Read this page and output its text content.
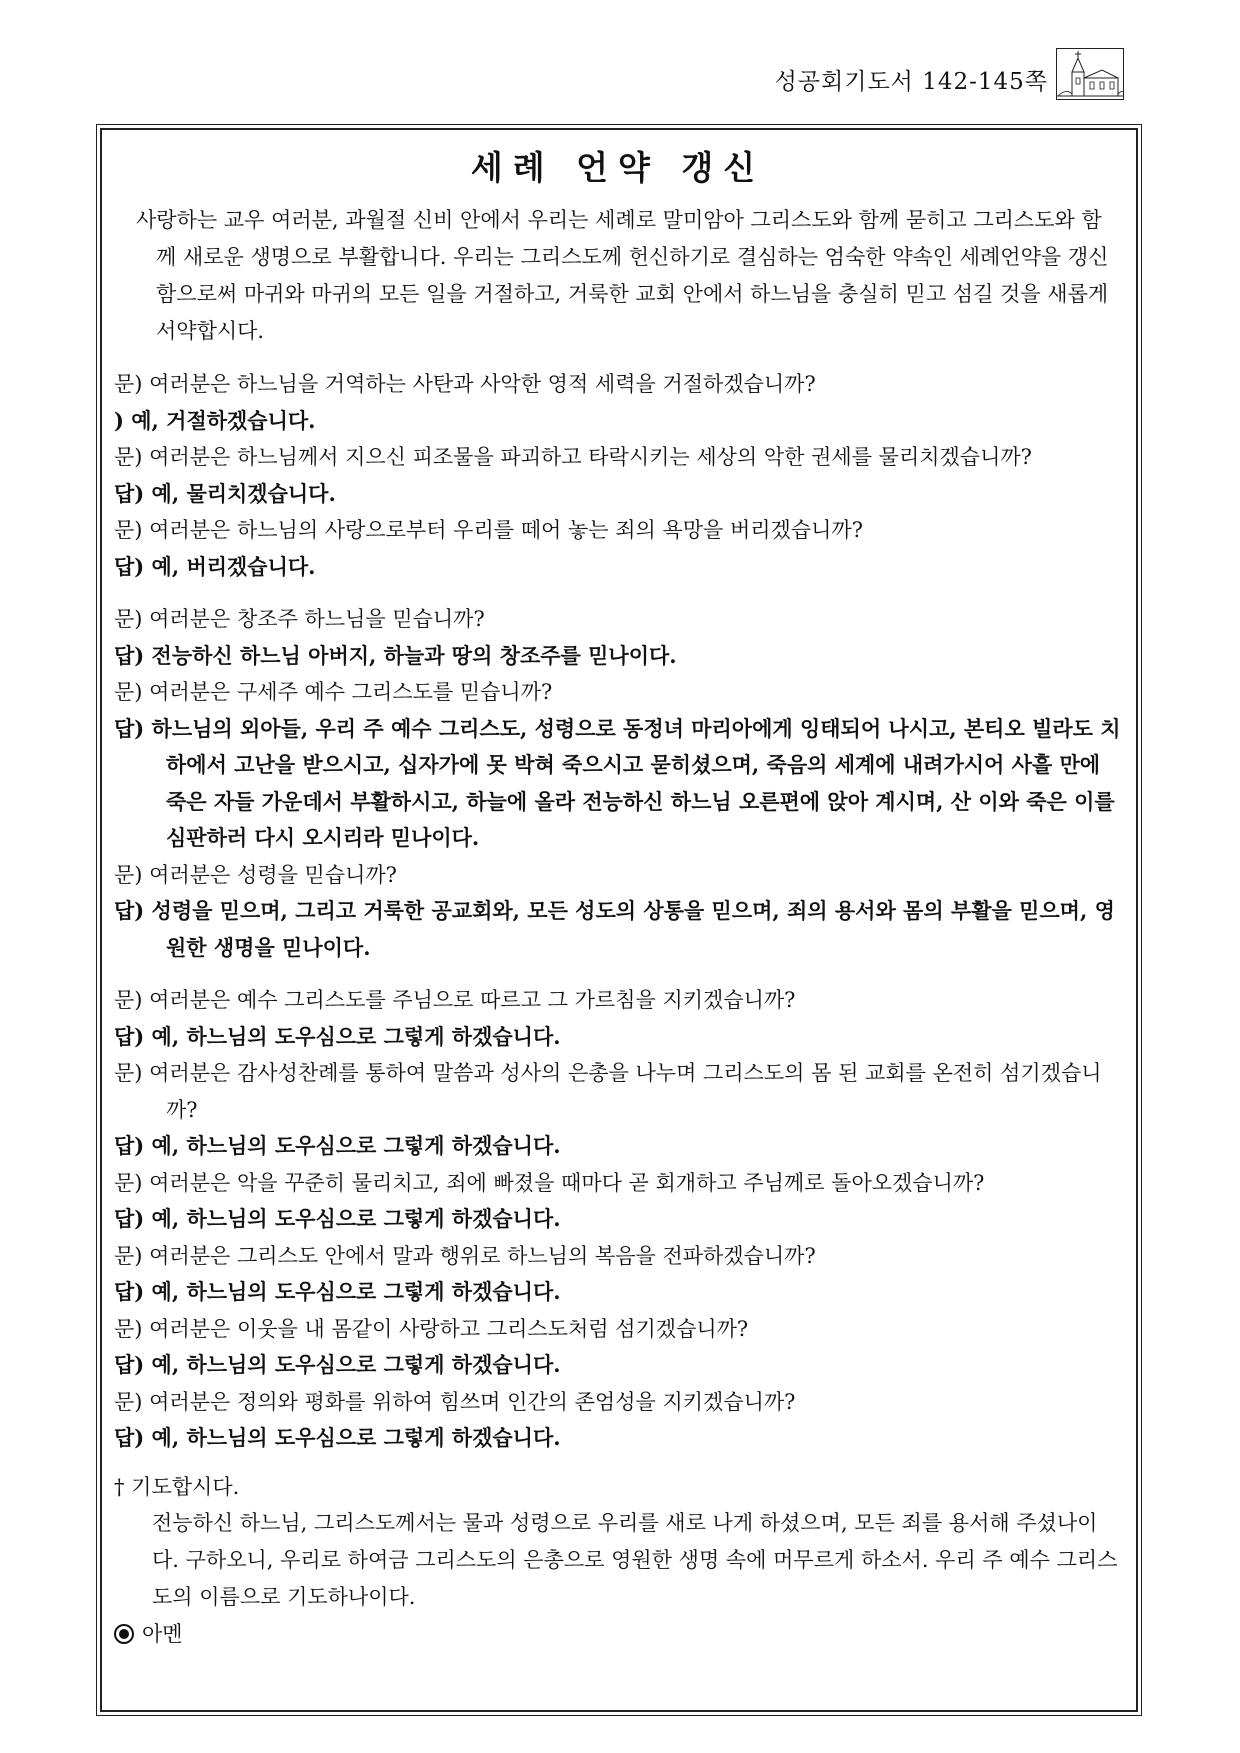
성공회기도서 142-145쪽
세례 언약 갱신
사랑하는 교우 여러분, 과월절 신비 안에서 우리는 세례로 말미암아 그리스도와 함께 묻히고 그리스도와 함께 새로운 생명으로 부활합니다. 우리는 그리스도께 헌신하기로 결심하는 엄숙한 약속인 세례언약을 갱신함으로써 마귀와 마귀의 모든 일을 거절하고, 거룩한 교회 안에서 하느님을 충실히 믿고 섬길 것을 새롭게 서약합시다.
문) 여러분은 하느님을 거역하는 사탄과 사악한 영적 세력을 거절하겠습니까?
) 예, 거절하겠습니다.
문) 여러분은 하느님께서 지으신 피조물을 파괴하고 타락시키는 세상의 악한 권세를 물리치겠습니까?
답) 예, 물리치겠습니다.
문) 여러분은 하느님의 사랑으로부터 우리를 떼어 놓는 죄의 욕망을 버리겠습니까?
답) 예, 버리겠습니다.
문) 여러분은 창조주 하느님을 믿습니까?
답) 전능하신 하느님 아버지, 하늘과 땅의 창조주를 믿나이다.
문) 여러분은 구세주 예수 그리스도를 믿습니까?
답) 하느님의 외아들, 우리 주 예수 그리스도, 성령으로 동정녀 마리아에게 잉태되어 나시고, 본티오 빌라도 치하에서 고난을 받으시고, 십자가에 못 박혀 죽으시고 묻히셨으며, 죽음의 세계에 내려가시어 사흘 만에 죽은 자들 가운데서 부활하시고, 하늘에 올라 전능하신 하느님 오른편에 앉아 계시며, 산 이와 죽은 이를 심판하러 다시 오시리라 믿나이다.
문) 여러분은 성령을 믿습니까?
답) 성령을 믿으며, 그리고 거룩한 공교회와, 모든 성도의 상통을 믿으며, 죄의 용서와 몸의 부활을 믿으며, 영원한 생명을 믿나이다.
문) 여러분은 예수 그리스도를 주님으로 따르고 그 가르침을 지키겠습니까?
답) 예, 하느님의 도우심으로 그렇게 하겠습니다.
문) 여러분은 감사성찬례를 통하여 말씀과 성사의 은총을 나누며 그리스도의 몸 된 교회를 온전히 섬기겠습니까?
답) 예, 하느님의 도우심으로 그렇게 하겠습니다.
문) 여러분은 악을 꾸준히 물리치고, 죄에 빠졌을 때마다 곧 회개하고 주님께로 돌아오겠습니까?
답) 예, 하느님의 도우심으로 그렇게 하겠습니다.
문) 여러분은 그리스도 안에서 말과 행위로 하느님의 복음을 전파하겠습니까?
답) 예, 하느님의 도우심으로 그렇게 하겠습니다.
문) 여러분은 이웃을 내 몸같이 사랑하고 그리스도처럼 섬기겠습니까?
답) 예, 하느님의 도우심으로 그렇게 하겠습니다.
문) 여러분은 정의와 평화를 위하여 힘쓰며 인간의 존엄성을 지키겠습니까?
답) 예, 하느님의 도우심으로 그렇게 하겠습니다.
† 기도합시다.
전능하신 하느님, 그리스도께서는 물과 성령으로 우리를 새로 나게 하셨으며, 모든 죄를 용서해 주셨나이다. 구하오니, 우리로 하여금 그리스도의 은총으로 영원한 생명 속에 머무르게 하소서. 우리 주 예수 그리스도의 이름으로 기도하나이다.
아멘
